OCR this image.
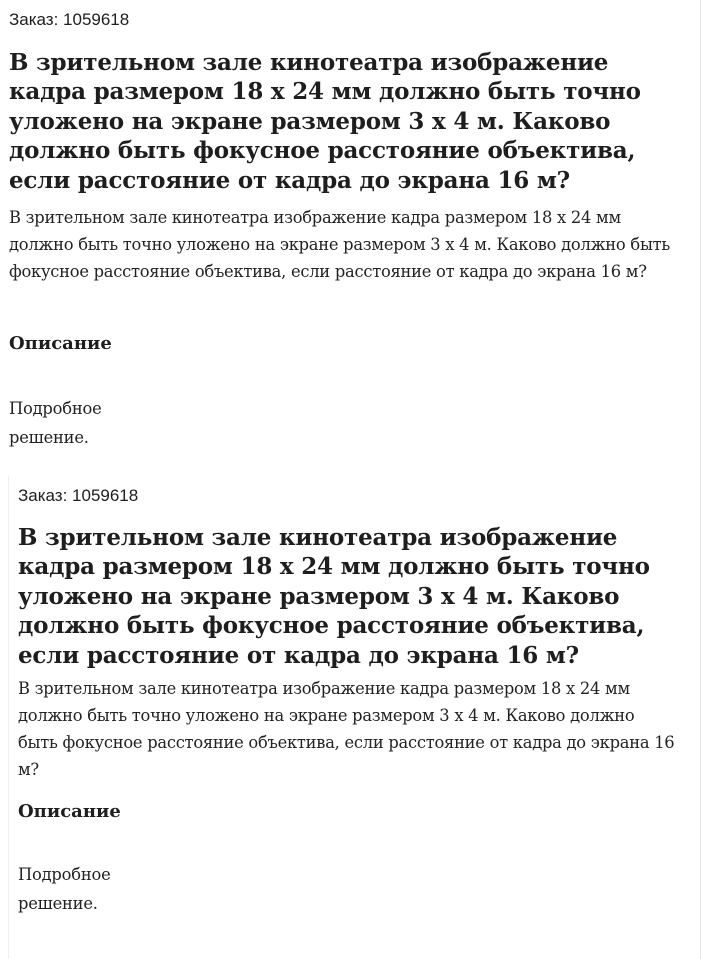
Заказ: 1059618

В зрительном зале кинотеатра изображение кадра размером 18 х 24 мм должно быть точно уложено на экране размером 3 х 4 м. Каково должно быть фокусное расстояние объектива, если расстояние от кадра до экрана 16 м?

В зрительном зале кинотеатра изображение кадра размером 18 х 24 мм должно быть точно уложено на экране размером 3 х 4 м. Каково должно быть фокусное расстояние объектива, если расстояние от кадра до экрана 16 м?

Описание

Подробное решение.

Заказ: 1059618

В зрительном зале кинотеатра изображение кадра размером 18 х 24 мм должно быть точно уложено на экране размером 3 х 4 м. Каково должно быть фокусное расстояние объектива, если расстояние от кадра до экрана 16 м?

В зрительном зале кинотеатра изображение кадра размером 18 х 24 мм должно быть точно уложено на экране размером 3 х 4 м. Каково должно быть фокусное расстояние объектива, если расстояние от кадра до экрана 16 м?

Описание

Подробное решение.
